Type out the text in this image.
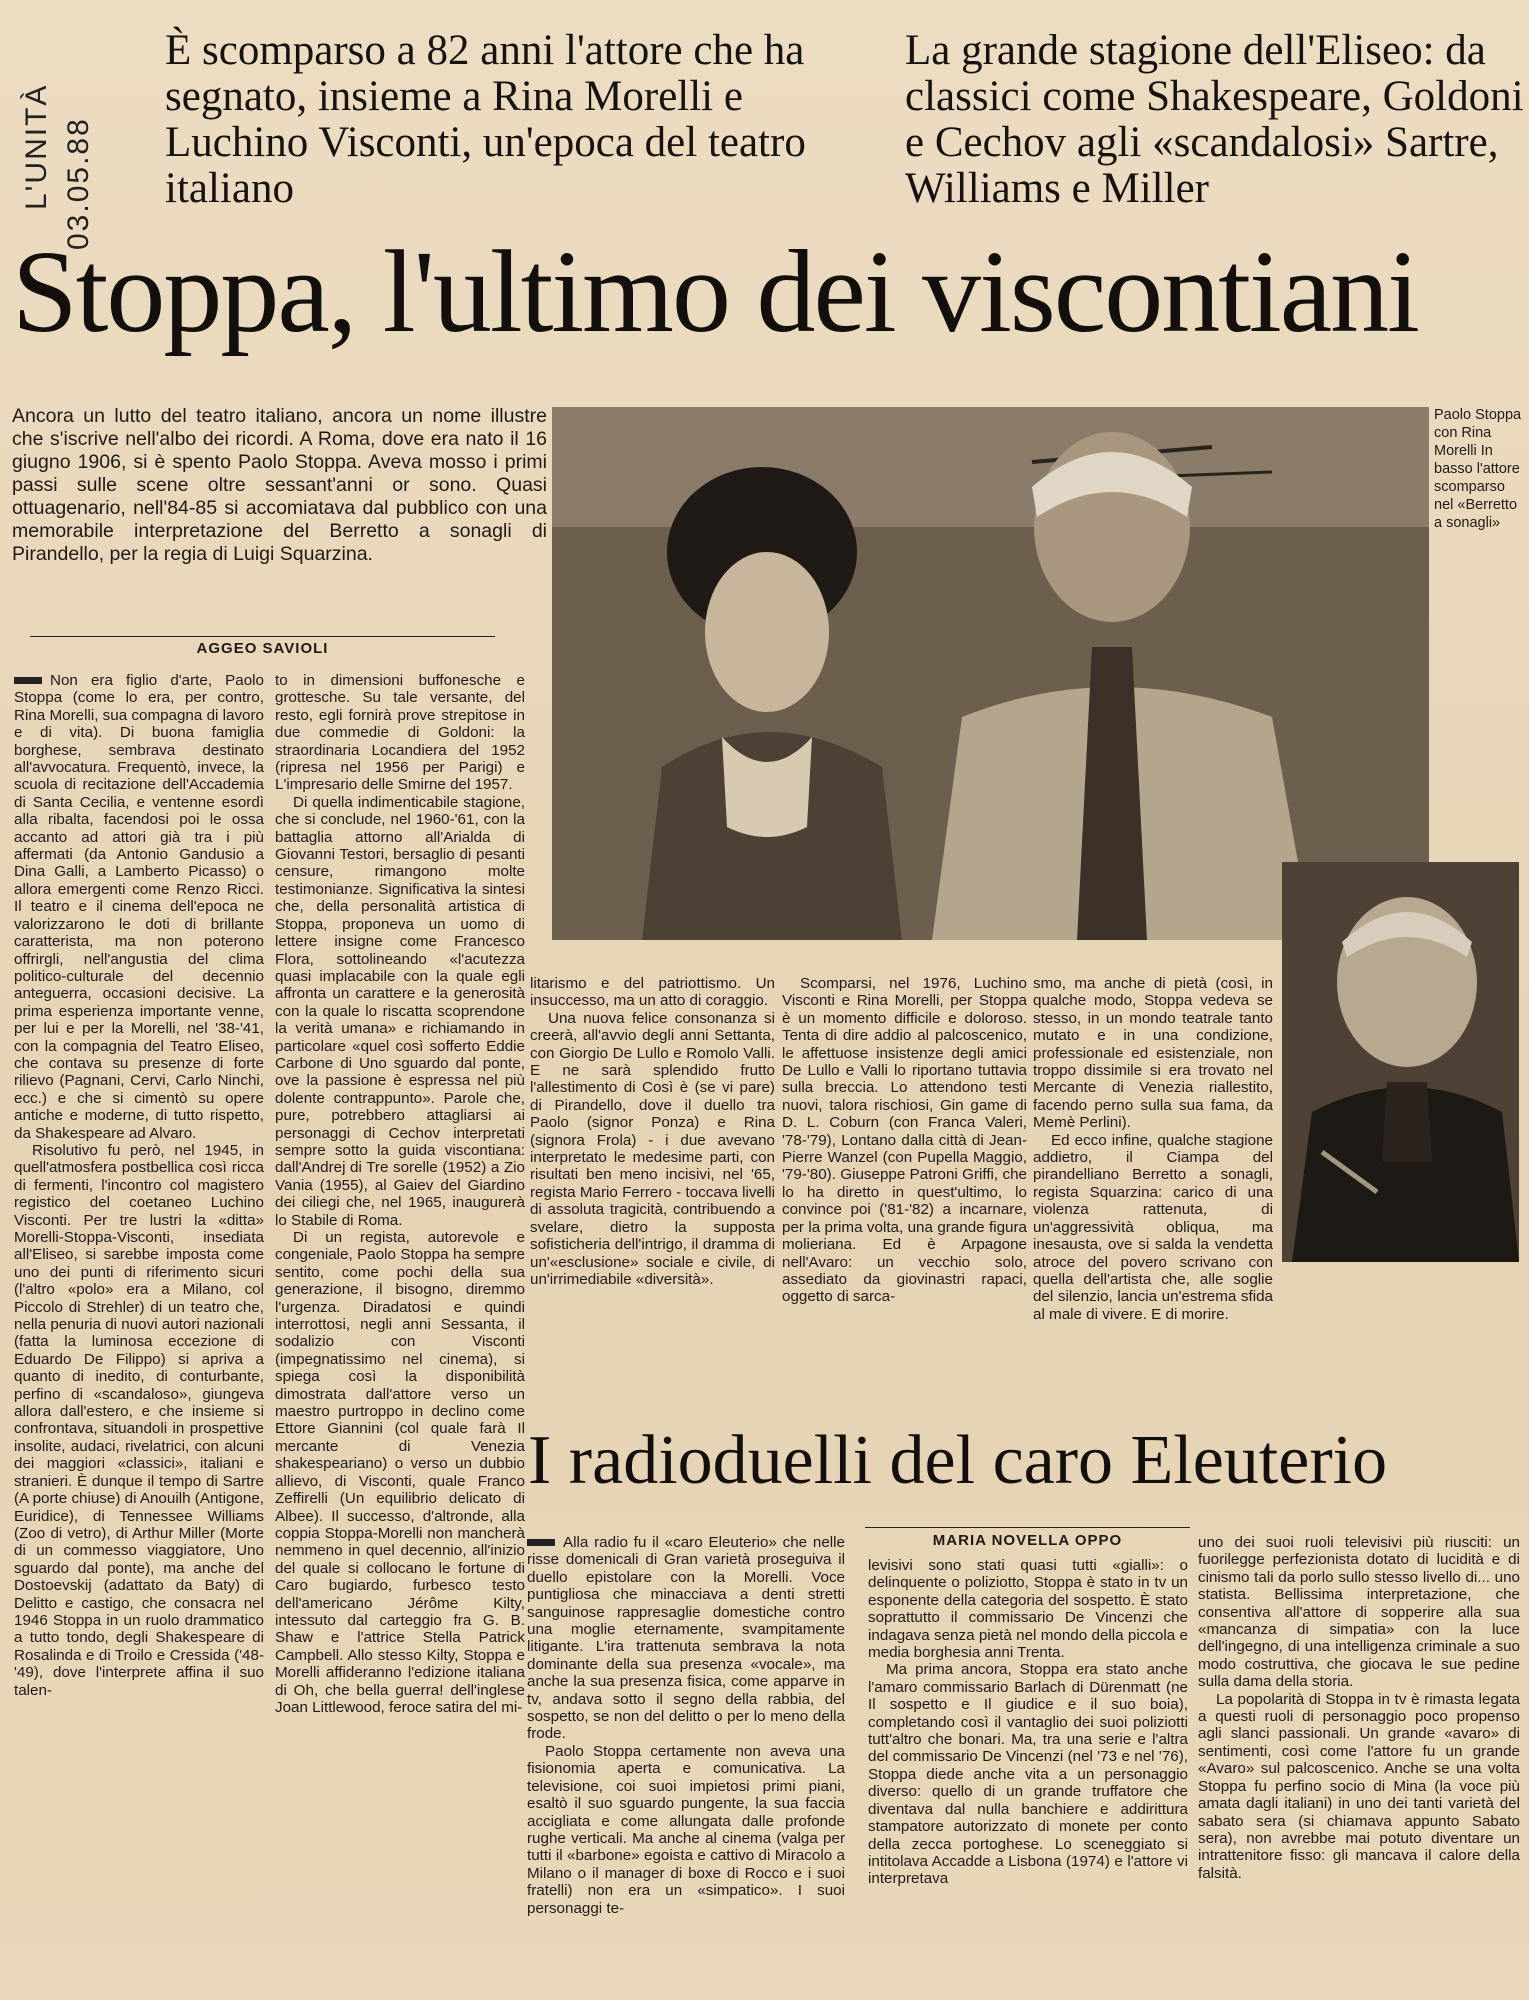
L'UNITÀ 03.05.88
È scomparso a 82 anni l'attore che ha segnato, insieme a Rina Morelli e Luchino Visconti, un'epoca del teatro italiano
La grande stagione dell'Eliseo: da classici come Shakespeare, Goldoni e Cechov agli «scandalosi» Sartre, Williams e Miller
Stoppa, l'ultimo dei viscontiani
Ancora un lutto del teatro italiano, ancora un nome illustre che s'iscrive nell'albo dei ricordi. A Roma, dove era nato il 16 giugno 1906, si è spento Paolo Stoppa. Aveva mosso i primi passi sulle scene oltre sessant'anni or sono. Quasi ottuagenario, nell'84-85 si accomiatava dal pubblico con una memorabile interpretazione del Berretto a sonagli di Pirandello, per la regia di Luigi Squarzina.
Paolo Stoppa con Rina Morelli In basso l'attore scomparso nel «Berretto a sonagli»
AGGEO SAVIOLI

Non era figlio d'arte, Paolo Stoppa (come lo era, per contro, Rina Morelli, sua compagna di lavoro e di vita). Di buona famiglia borghese, sembrava destinato all'avvocatura. Frequentò, invece, la scuola di recitazione dell'Accademia di Santa Cecilia, e ventenne esordì alla ribalta, facendosi poi le ossa accanto ad attori già tra i più affermati (da Antonio Gandusio a Dina Galli, a Lamberto Picasso) o allora emergenti come Renzo Ricci. Il teatro e il cinema dell'epoca ne valorizzarono le doti di brillante caratterista, ma non poterono offrirgli, nell'angustia del clima politico-culturale del decennio anteguerra, occasioni decisive. La prima esperienza importante venne, per lui e per la Morelli, nel '38-'41, con la compagnia del Teatro Eliseo, che contava su presenze di forte rilievo (Pagnani, Cervi, Carlo Ninchi, ecc.) e che si cimentò su opere antiche e moderne, di tutto rispetto, da Shakespeare ad Alvaro.

Risolutivo fu però, nel 1945, in quell'atmosfera postbellica così ricca di fermenti, l'incontro col magistero registico del coetaneo Luchino Visconti. Per tre lustri la «ditta» Morelli-Stoppa-Visconti, insediata all'Eliseo, si sarebbe imposta come uno dei punti di riferimento sicuri (l'altro «polo» era a Milano, col Piccolo di Strehler) di un teatro che, nella penuria di nuovi autori nazionali (fatta la luminosa eccezione di Eduardo De Filippo) si apriva a quanto di inedito, di conturbante, perfino di «scandaloso», giungeva allora dall'estero, e che insieme si confrontava, situandoli in prospettive insolite, audaci, rivelatrici, con alcuni dei maggiori «classici», italiani e stranieri. È dunque il tempo di Sartre (A porte chiuse) di Anouilh (Antigone, Euridice), di Tennessee Williams (Zoo di vetro), di Arthur Miller (Morte di un commesso viaggiatore, Uno sguardo dal ponte), ma anche del Dostoevskij (adattato da Baty) di Delitto e castigo, che consacra nel 1946 Stoppa in un ruolo drammatico a tutto tondo, degli Shakespeare di Rosalinda e di Troilo e Cressida ('48-'49), dove l'interprete affina il suo talen-

to in dimensioni buffonesche e grottesche. Su tale versante, del resto, egli fornirà prove strepitose in due commedie di Goldoni: la straordinaria Locandiera del 1952 (ripresa nel 1956 per Parigi) e L'impresario delle Smirne del 1957.

Di quella indimenticabile stagione, che si conclude, nel 1960-'61, con la battaglia attorno all'Arialda di Giovanni Testori, bersaglio di pesanti censure, rimangono molte testimonianze. Significativa la sintesi che, della personalità artistica di Stoppa, proponeva un uomo di lettere insigne come Francesco Flora, sottolineando «l'acutezza quasi implacabile con la quale egli affronta un carattere e la generosità con la quale lo riscatta scoprendone la verità umana» e richiamando in particolare «quel così sofferto Eddie Carbone di Uno sguardo dal ponte, ove la passione è espressa nel più dolente contrappunto». Parole che, pure, potrebbero attagliarsi ai personaggi di Cechov interpretati sempre sotto la guida viscontiana: dall'Andrej di Tre sorelle (1952) a Zio Vania (1955), al Gaiev del Giardino dei ciliegi che, nel 1965, inaugurerà lo Stabile di Roma.

Di un regista, autorevole e congeniale, Paolo Stoppa ha sempre sentito, come pochi della sua generazione, il bisogno, diremmo l'urgenza. Diradatosi e quindi interrottosi, negli anni Sessanta, il sodalizio con Visconti (impegnatissimo nel cinema), si spiega così la disponibilità dimostrata dall'attore verso un maestro purtroppo in declino come Ettore Giannini (col quale farà Il mercante di Venezia shakespeariano) o verso un dubbio allievo, di Visconti, quale Franco Zeffirelli (Un equilibrio delicato di Albee). Il successo, d'altronde, alla coppia Stoppa-Morelli non mancherà nemmeno in quel decennio, all'inizio del quale si collocano le fortune di Caro bugiardo, furbesco testo dell'americano Jérôme Kilty, intessuto dal carteggio fra G. B. Shaw e l'attrice Stella Patrick Campbell. Allo stesso Kilty, Stoppa e Morelli affideranno l'edizione italiana di Oh, che bella guerra! dell'inglese Joan Littlewood, feroce satira del mi-

litarismo e del patriottismo. Un insuccesso, ma un atto di coraggio.

Una nuova felice consonanza si creerà, all'avvio degli anni Settanta, con Giorgio De Lullo e Romolo Valli. E ne sarà splendido frutto l'allestimento di Così è (se vi pare) di Pirandello, dove il duello tra Paolo (signor Ponza) e Rina (signora Frola) - i due avevano interpretato le medesime parti, con risultati ben meno incisivi, nel '65, regista Mario Ferrero - toccava livelli di assoluta tragicità, contribuendo a svelare, dietro la supposta sofisticheria dell'intrigo, il dramma di un'«esclusione» sociale e civile, di un'irrimediabile «diversità».

Scomparsi, nel 1976, Luchino Visconti e Rina Morelli, per Stoppa è un momento difficile e doloroso. Tenta di dire addio al palcoscenico, le affettuose insistenze degli amici De Lullo e Valli lo riportano tuttavia sulla breccia. Lo attendono testi nuovi, talora rischiosi, Gin game di D. L. Coburn (con Franca Valeri, '78-'79), Lontano dalla città di Jean-Pierre Wanzel (con Pupella Maggio, '79-'80). Giuseppe Patroni Griffi, che lo ha diretto in quest'ultimo, lo convince poi ('81-'82) a incarnare, per la prima volta, una grande figura molieriana. Ed è Arpagone nell'Avaro: un vecchio solo, assediato da giovinastri rapaci, oggetto di sarca-

smo, ma anche di pietà (così, in qualche modo, Stoppa vedeva se stesso, in un mondo teatrale tanto mutato e in una condizione, professionale ed esistenziale, non troppo dissimile si era trovato nel Mercante di Venezia riallestito, facendo perno sulla sua fama, da Memè Perlini).

Ed ecco infine, qualche stagione addietro, il Ciampa del pirandelliano Berretto a sonagli, regista Squarzina: carico di una violenza rattenuta, di un'aggressività obliqua, ma inesausta, ove si salda la vendetta atroce del povero scrivano con quella dell'artista che, alle soglie del silenzio, lancia un'estrema sfida al male di vivere. E di morire.

I radioduelli del caro Eleuterio
MARIA NOVELLA OPPO

Alla radio fu il «caro Eleuterio» che nelle risse domenicali di Gran varietà proseguiva il duello epistolare con la Morelli. Voce puntigliosa che minacciava a denti stretti sanguinose rappresaglie domestiche contro una moglie eternamente, svampitamente litigante. L'ira trattenuta sembrava la nota dominante della sua presenza «vocale», ma anche la sua presenza fisica, come apparve in tv, andava sotto il segno della rabbia, del sospetto, se non del delitto o per lo meno della frode.

Paolo Stoppa certamente non aveva una fisionomia aperta e comunicativa. La televisione, coi suoi impietosi primi piani, esaltò il suo sguardo pungente, la sua faccia accigliata e come allungata dalle profonde rughe verticali. Ma anche al cinema (valga per tutti il «barbone» egoista e cattivo di Miracolo a Milano o il manager di boxe di Rocco e i suoi fratelli) non era un «simpatico». I suoi personaggi te-

levisivi sono stati quasi tutti «gialli»: o delinquente o poliziotto, Stoppa è stato in tv un esponente della categoria del sospetto. È stato soprattutto il commissario De Vincenzi che indagava senza pietà nel mondo della piccola e media borghesia anni Trenta.

Ma prima ancora, Stoppa era stato anche l'amaro commissario Barlach di Dürenmatt (ne Il sospetto e Il giudice e il suo boia), completando così il vantaglio dei suoi poliziotti tutt'altro che bonari. Ma, tra una serie e l'altra del commissario De Vincenzi (nel '73 e nel '76), Stoppa diede anche vita a un personaggio diverso: quello di un grande truffatore che diventava dal nulla banchiere e addirittura stampatore autorizzato di monete per conto della zecca portoghese. Lo sceneggiato si intitolava Accadde a Lisbona (1974) e l'attore vi interpretava

uno dei suoi ruoli televisivi più riusciti: un fuorilegge perfezionista dotato di lucidità e di cinismo tali da porlo sullo stesso livello di... uno statista. Bellissima interpretazione, che consentiva all'attore di sopperire alla sua «mancanza di simpatia» con la luce dell'ingegno, di una intelligenza criminale a suo modo costruttiva, che giocava le sue pedine sulla dama della storia.

La popolarità di Stoppa in tv è rimasta legata a questi ruoli di personaggio poco propenso agli slanci passionali. Un grande «avaro» di sentimenti, così come l'attore fu un grande «Avaro» sul palcoscenico. Anche se una volta Stoppa fu perfino socio di Mina (la voce più amata dagli italiani) in uno dei tanti varietà del sabato sera (si chiamava appunto Sabato sera), non avrebbe mai potuto diventare un intrattenitore fisso: gli mancava il calore della falsità.
